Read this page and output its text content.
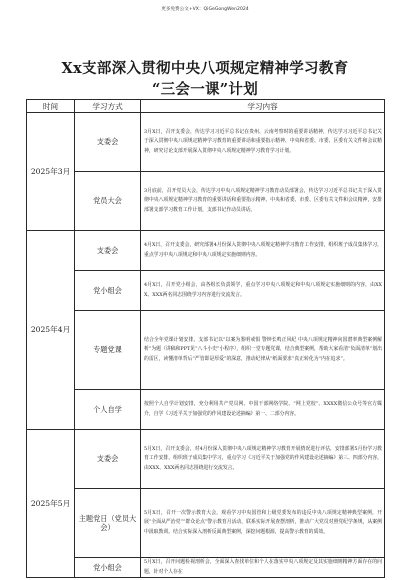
更多免费公文+VX：QiGeGongWen2024
Xx支部深入贯彻中央八项规定精神学习教育
“三会一课”计划
时间	学习方式	学习内容
2025年3月	支委会	3月X日，召开支委会，传达学习习近平总书记在贵州、云南考察时的重要讲话精神，传达学习习近平总书记关于深入贯彻中央八项规定精神学习教育的重要讲话和重要指示精神、中央和省委、市委、区委有关文件和会议精神，研究讨论支部开展深入贯彻中央八项规定精神学习教育学习计划。
	党员大会	3月底前，召开党员大会，传达学习中央八项规定精神学习教育动员部署会，传达学习习近平总书记关于深入贯彻中央八项规定精神学习教育的重要讲话和重要指示精神、中央和省委、市委、区委有关文件和会议精神，安排部署支部学习教育工作计划，支部书记作动员讲话。
2025年4月	支委会	4月X日，召开支委会，研究部署4月份深入贯彻中央八项规定精神学习教育工作安排，组织班子成员集体学习，重点学习中央八项规定和中央八项规定实施细则内容。
	党小组会	4月X日，召开党小组会，由各组长负责领学，重点学习中央八项规定和中央八项规定实施细则的内容，由XXX、XXX两名同志围绕学习内容进行交流发言。
	专题党课	结合全年党课计划安排，支部书记以“以案为鉴明戒惧 警钟长鸣正风纪 中央八项规定精神向国潜率典型案例解析”为题（讲稿和PPT见“八斗小史”小程序），组织一堂专题党课，结合典型案例，帮助大家看清“负面清单”划出的雷区，读懂清单背后“严管即是厚爱”的深意，推动纪律从“纸面要求”真正转化为“内在追求”。
	个人自学	按照个人自学计划安排，充分利用共产党员网、中国干部网络学院、“网上党校”、XXXX微信公众号等官方媒介，自学《习近平关于加强党的作风建设论述摘编》第一、二部分内容。
2025年5月	支委会	5月X日，召开支委会，对4月份深入贯彻中央八项规定精神学习教育开展情况进行评估，安排部署5月份学习教育工作安排，组织班子成员集中学习，重点学习《习近平关于加强党的作风建设论述摘编》第三、四部分内容，由XXX、XXX两名同志围绕进行交流发言。
	主题党日（党员大会）	5月X日，召开一次警示教育大会，观看学习中央国管和上级党委发布的违反中央八项规定精神典型案例，开展“全面从严治党”“群众论点”警示教育月活动，联系实际开展查摆剖析，推动广大党员对照党纪学条规，从案例中汲取教训。结合实际深入剖析反面典型案例，深挖问题根源，提高警示教育的质效。
	党小组会	5月X日，召开问题检视剖析会，全面深入查找单位和个人在落实中央八项规定及其实施细则精神方面存在的问题，针对个人存在
